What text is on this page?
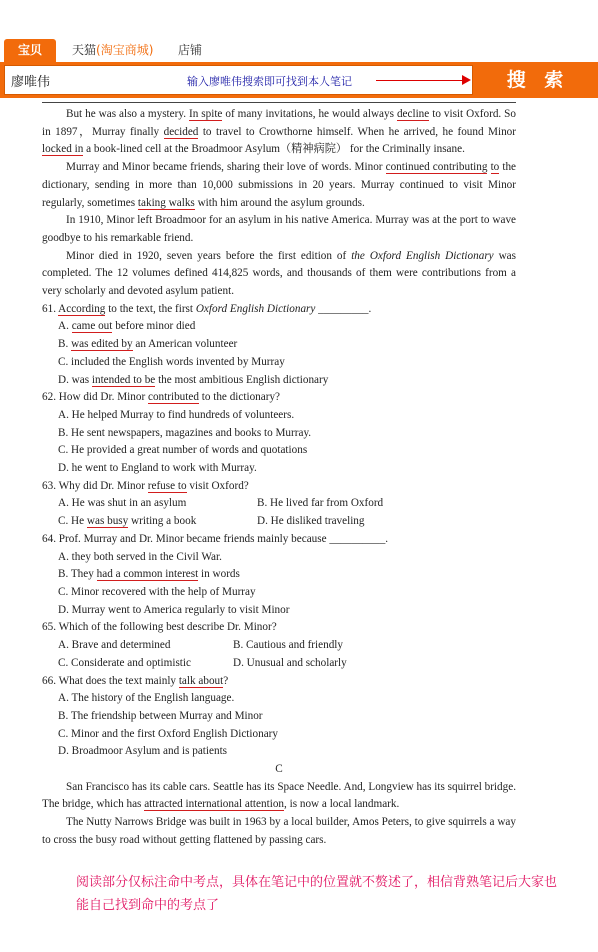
宝贝	天猫(淘宝商城) 店铺
廖唯伟	输入廖唯伟搜索即可找到本人笔记	搜 索

But he was also a mystery. In spite of many invitations, he would always decline to visit Oxford. So in 1897，Murray finally decided to travel to Crowthorne himself. When he arrived, he found Minor locked in a book-lined cell at the Broadmoor Asylum（精神病院） for the Criminally insane.

Murray and Minor became friends, sharing their love of words. Minor continued contributing to the dictionary, sending in more than 10,000 submissions in 20 years. Murray continued to visit Minor regularly, sometimes taking walks with him around the asylum grounds.

In 1910, Minor left Broadmoor for an asylum in his native America. Murray was at the port to wave goodbye to his remarkable friend.

Minor died in 1920, seven years before the first edition of the Oxford English Dictionary was completed. The 12 volumes defined 414,825 words, and thousands of them were contributions from a very scholarly and devoted asylum patient.

61. According to the text, the first Oxford English Dictionary _________.

A. came out before minor died

B. was edited by an American volunteer

C. included the English words invented by Murray

D. was intended to be the most ambitious English dictionary

62. How did Dr. Minor contributed to the dictionary?

A. He helped Murray to find hundreds of volunteers.

B. He sent newspapers, magazines and books to Murray.

C. He provided a great number of words and quotations

D. he went to England to work with Murray.

63. Why did Dr. Minor refuse to visit Oxford?

A. He was shut in an asylum	B. He lived far from Oxford
C. He was busy writing a book	D. He disliked traveling

64. Prof. Murray and Dr. Minor became friends mainly because __________.

A. they both served in the Civil War.

B. They had a common interest in words

C. Minor recovered with the help of Murray

D. Murray went to America regularly to visit Minor

65. Which of the following best describe Dr. Minor?

A. Brave and determined	B. Cautious and friendly
C. Considerate and optimistic	D. Unusual and scholarly

66. What does the text mainly talk about?

A. The history of the English language.

B. The friendship between Murray and Minor

C. Minor and the first Oxford English Dictionary

D. Broadmoor Asylum and is patients

C

San Francisco has its cable cars. Seattle has its Space Needle. And, Longview has its squirrel bridge. The bridge, which has attracted international attention, is now a local landmark.

The Nutty Narrows Bridge was built in 1963 by a local builder, Amos Peters, to give squirrels a way to cross the busy road without getting flattened by passing cars.

阅读部分仅标注命中考点，具体在笔记中的位置就不赘述了，相信背熟笔记后大家也能自己找到命中的考点了
